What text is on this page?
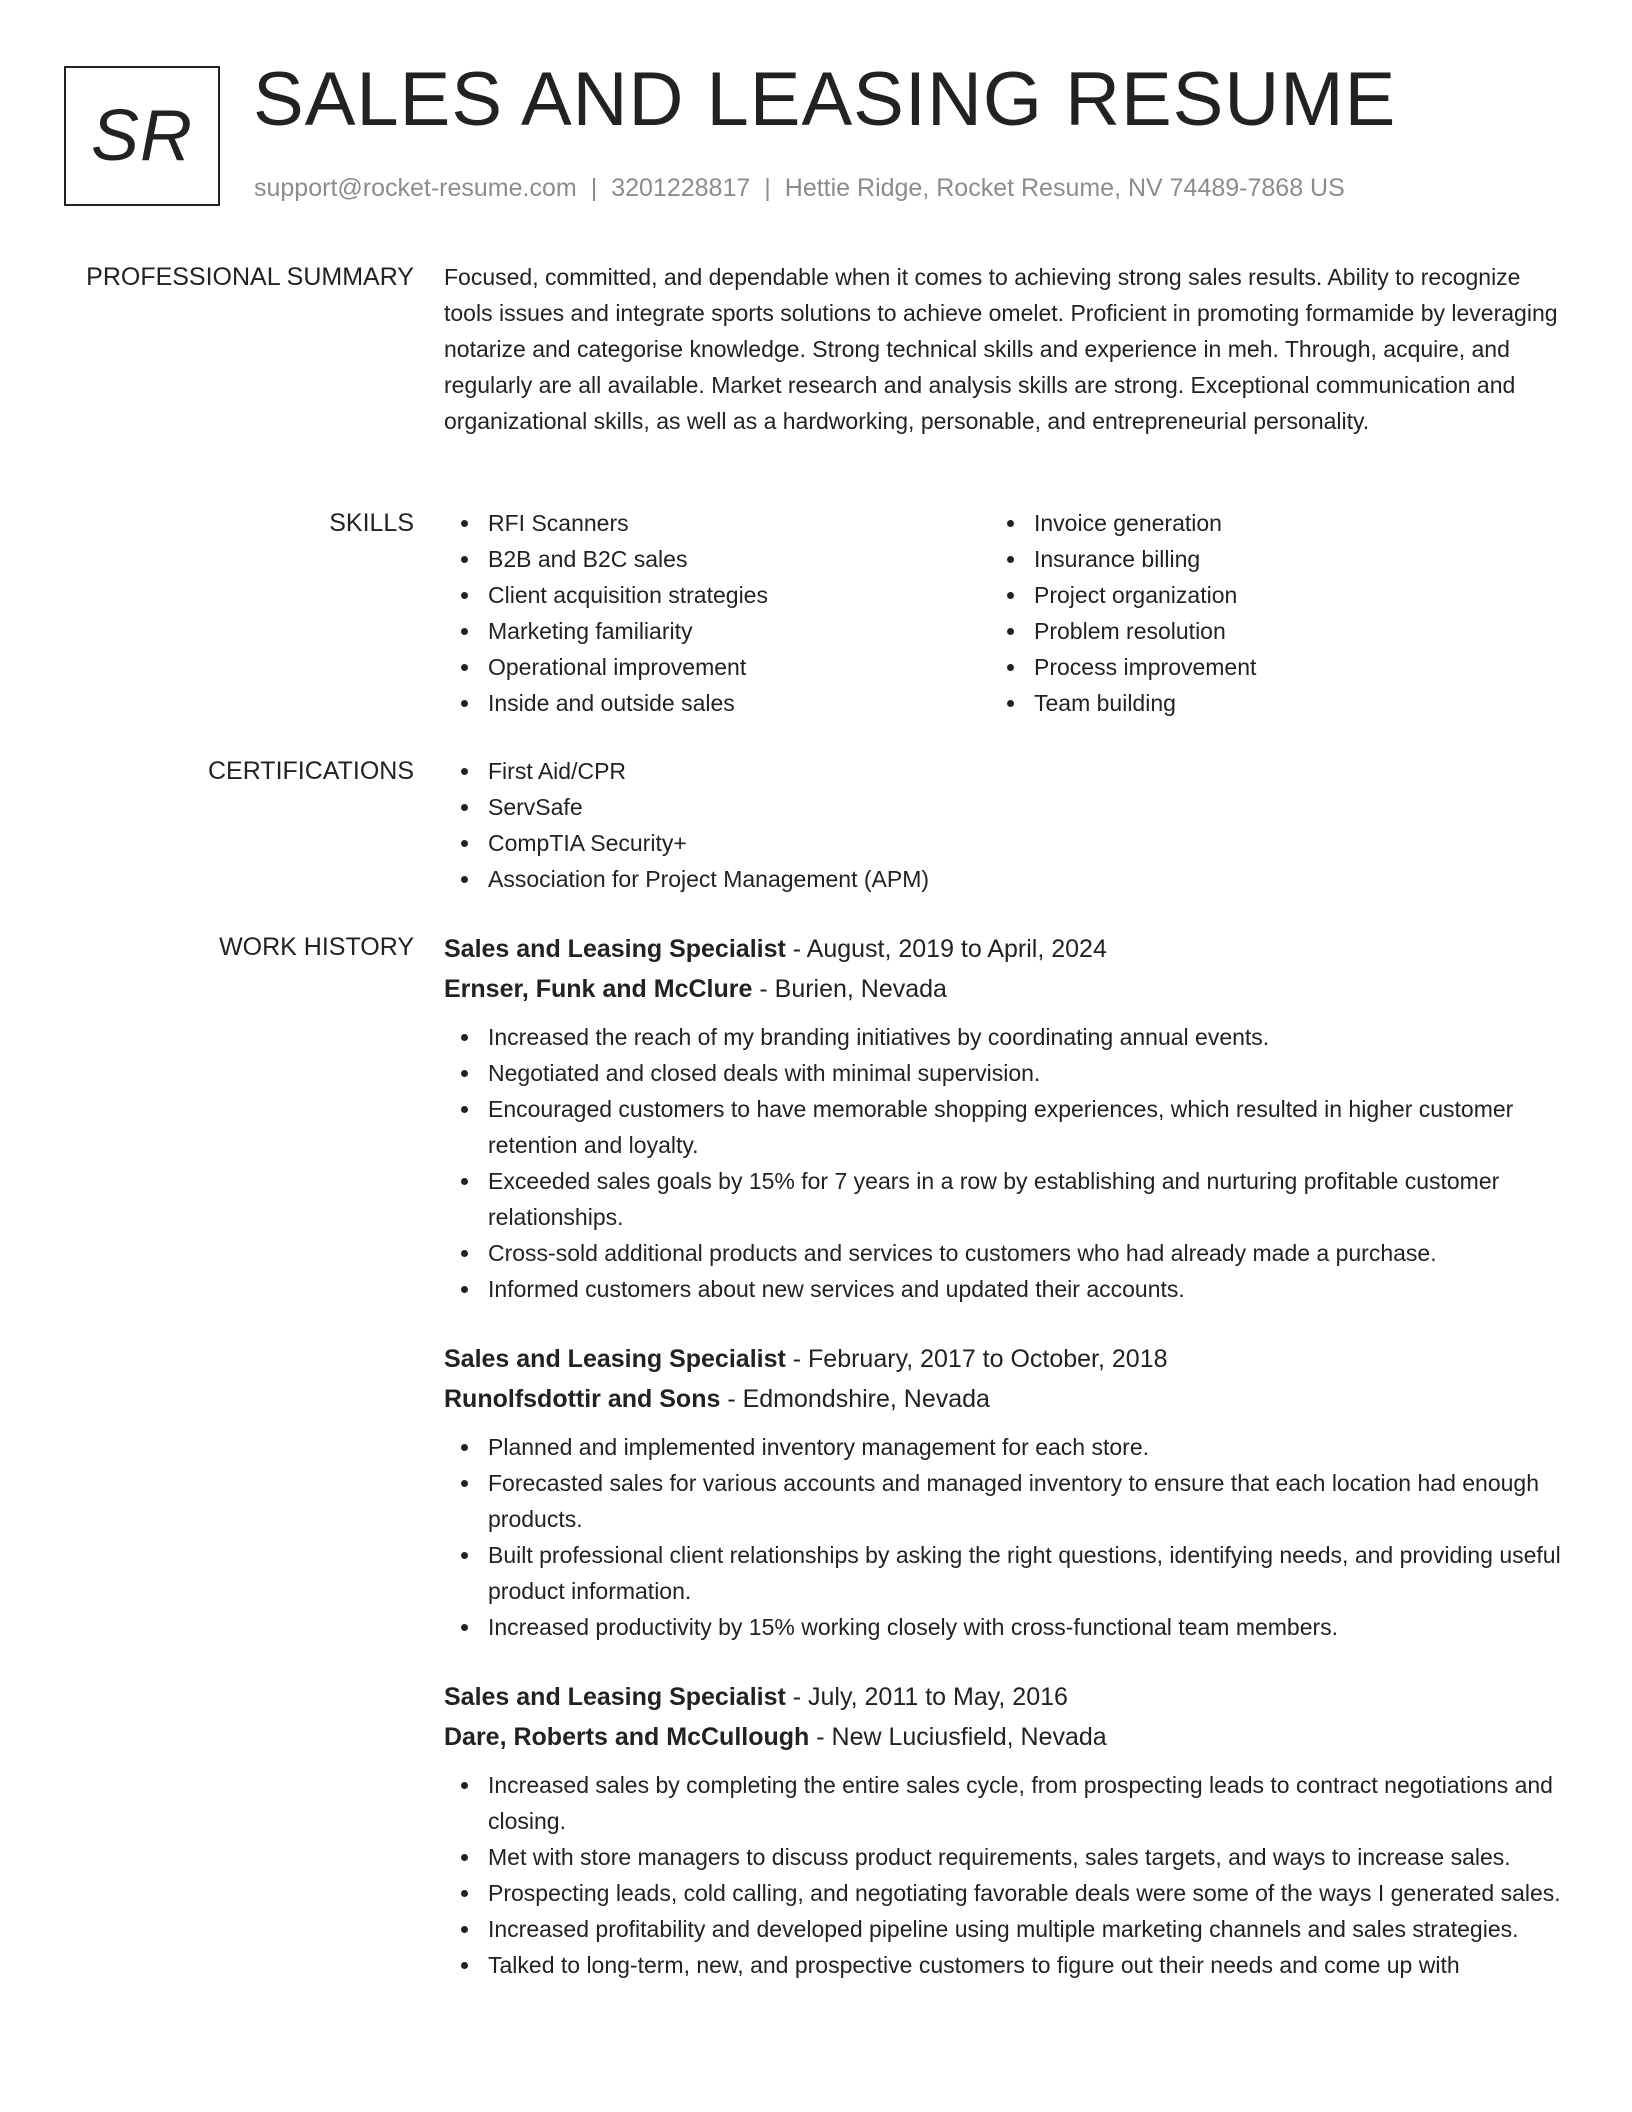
SR SALES AND LEASING RESUME
support@rocket-resume.com | 3201228817 | Hettie Ridge, Rocket Resume, NV 74489-7868 US
PROFESSIONAL SUMMARY Focused, committed, and dependable when it comes to achieving strong sales results. Ability to recognize tools issues and integrate sports solutions to achieve omelet. Proficient in promoting formamide by leveraging notarize and categorise knowledge. Strong technical skills and experience in meh. Through, acquire, and regularly are all available. Market research and analysis skills are strong. Exceptional communication and organizational skills, as well as a hardworking, personable, and entrepreneurial personality.

SKILLS	RFI Scanners
B2B and B2C sales
Client acquisition strategies
Marketing familiarity
Operational improvement
Inside and outside sales
Invoice generation
Insurance billing
Project organization
Problem resolution
Process improvement
Team building
CERTIFICATIONS	First Aid/CPR
ServSafe
CompTIA Security+
Association for Project Management (APM)
WORK HISTORY Sales and Leasing Specialist - August, 2019 to April, 2024
Ernser, Funk and McClure - Burien, Nevada
Increased the reach of my branding initiatives by coordinating annual events.
Negotiated and closed deals with minimal supervision.
Encouraged customers to have memorable shopping experiences, which resulted in higher customer retention and loyalty.
Exceeded sales goals by 15% for 7 years in a row by establishing and nurturing profitable customer relationships.
Cross-sold additional products and services to customers who had already made a purchase.
Informed customers about new services and updated their accounts.
Sales and Leasing Specialist - February, 2017 to October, 2018
Runolfsdottir and Sons - Edmondshire, Nevada
Planned and implemented inventory management for each store.
Forecasted sales for various accounts and managed inventory to ensure that each location had enough products.
Built professional client relationships by asking the right questions, identifying needs, and providing useful product information.
Increased productivity by 15% working closely with cross-functional team members.
Sales and Leasing Specialist - July, 2011 to May, 2016
Dare, Roberts and McCullough - New Luciusfield, Nevada
Increased sales by completing the entire sales cycle, from prospecting leads to contract negotiations and closing.
Met with store managers to discuss product requirements, sales targets, and ways to increase sales.
Prospecting leads, cold calling, and negotiating favorable deals were some of the ways I generated sales.
Increased profitability and developed pipeline using multiple marketing channels and sales strategies.
Talked to long-term, new, and prospective customers to figure out their needs and come up with
